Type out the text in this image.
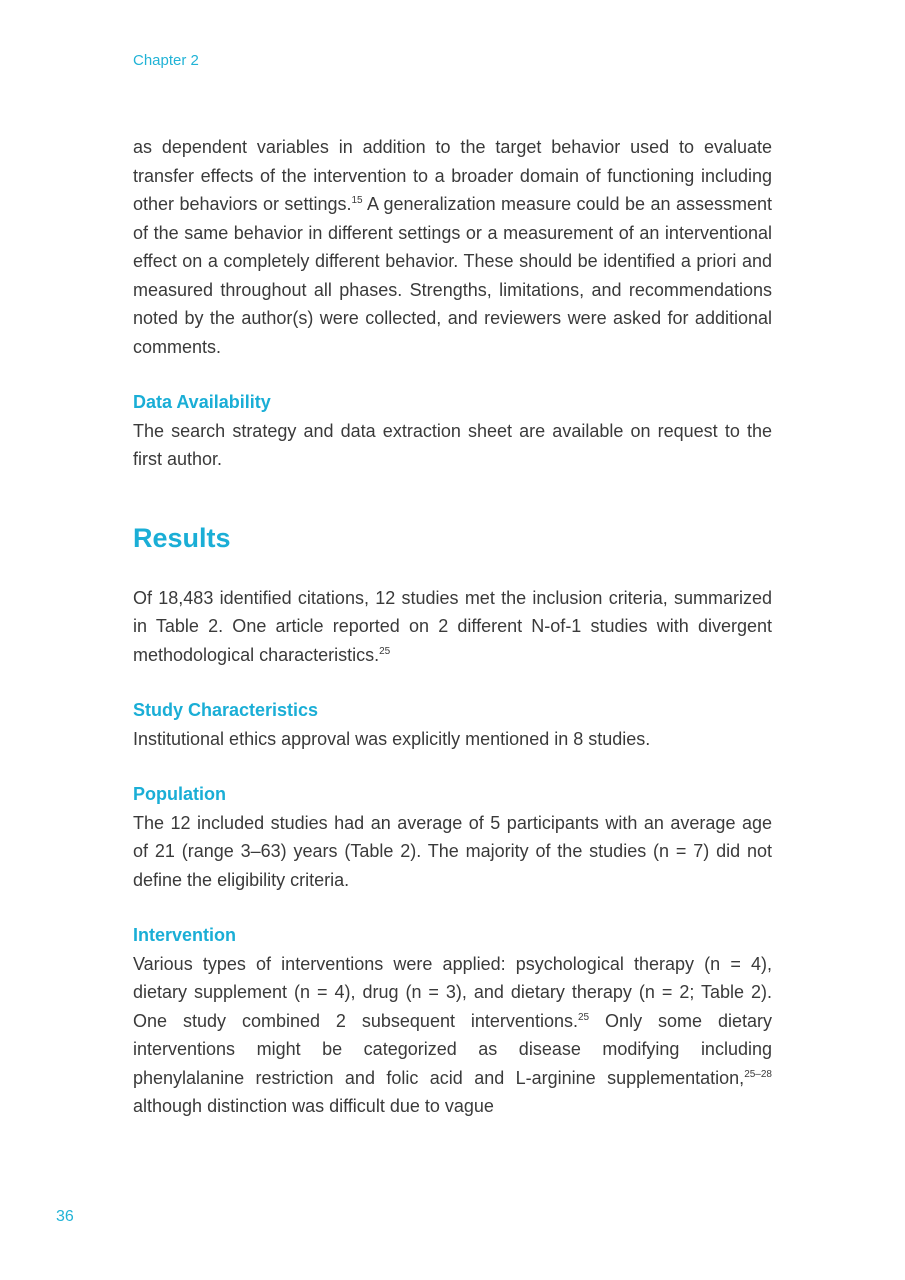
Chapter 2

as dependent variables in addition to the target behavior used to evaluate transfer effects of the intervention to a broader domain of functioning including other behaviors or settings.$^{15}$ A generalization measure could be an assessment of the same behavior in different settings or a measurement of an interventional effect on a completely different behavior. These should be identified a priori and measured throughout all phases. Strengths, limitations, and recommendations noted by the author(s) were collected, and reviewers were asked for additional comments.

Data Availability

The search strategy and data extraction sheet are available on request to the first author.

Results

Of 18,483 identified citations, 12 studies met the inclusion criteria, summarized in Table 2. One article reported on 2 different N-of-1 studies with divergent methodological characteristics.$^{25}$

Study Characteristics

Institutional ethics approval was explicitly mentioned in 8 studies.

Population

The 12 included studies had an average of 5 participants with an average age of 21 (range 3–63) years (Table 2). The majority of the studies (n = 7) did not define the eligibility criteria.

Intervention

Various types of interventions were applied: psychological therapy (n = 4), dietary supplement (n = 4), drug (n = 3), and dietary therapy (n = 2; Table 2). One study combined 2 subsequent interventions.$^{25}$ Only some dietary interventions might be categorized as disease modifying including phenylalanine restriction and folic acid and L-arginine supplementation,$^{25-28}$ although distinction was difficult due to vague

36
